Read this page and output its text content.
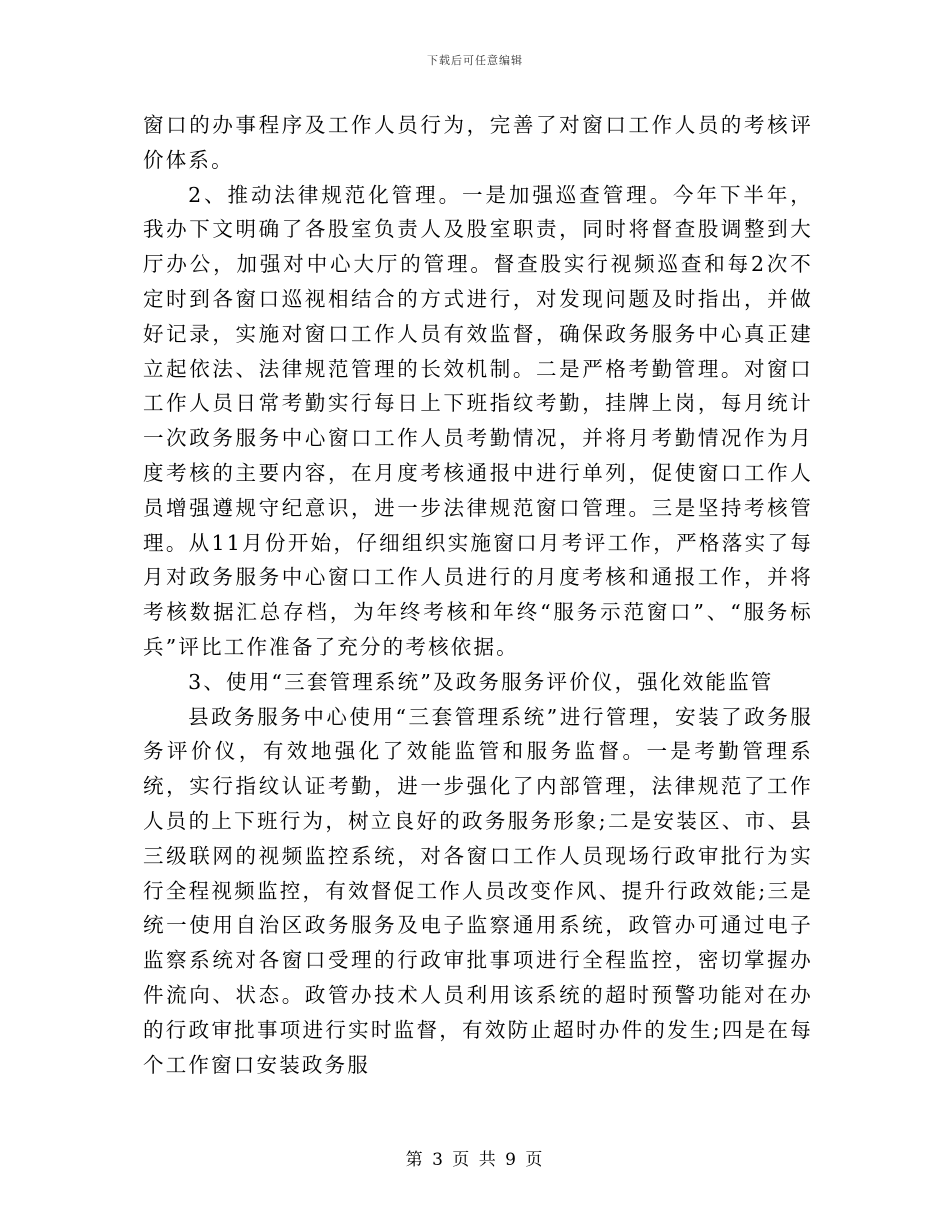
下载后可任意编辑

窗口的办事程序及工作人员行为，完善了对窗口工作人员的考核评价体系。

2、推动法律规范化管理。一是加强巡查管理。今年下半年，我办下文明确了各股室负责人及股室职责，同时将督查股调整到大厅办公，加强对中心大厅的管理。督查股实行视频巡查和每2次不定时到各窗口巡视相结合的方式进行，对发现问题及时指出，并做好记录，实施对窗口工作人员有效监督，确保政务服务中心真正建立起依法、法律规范管理的长效机制。二是严格考勤管理。对窗口工作人员日常考勤实行每日上下班指纹考勤，挂牌上岗，每月统计一次政务服务中心窗口工作人员考勤情况，并将月考勤情况作为月度考核的主要内容，在月度考核通报中进行单列，促使窗口工作人员增强遵规守纪意识，进一步法律规范窗口管理。三是坚持考核管理。从11月份开始，仔细组织实施窗口月考评工作，严格落实了每月对政务服务中心窗口工作人员进行的月度考核和通报工作，并将考核数据汇总存档，为年终考核和年终“服务示范窗口”、“服务标兵”评比工作准备了充分的考核依据。

3、使用“三套管理系统”及政务服务评价仪，强化效能监管

县政务服务中心使用“三套管理系统”进行管理，安装了政务服务评价仪，有效地强化了效能监管和服务监督。一是考勤管理系统，实行指纹认证考勤，进一步强化了内部管理，法律规范了工作人员的上下班行为，树立良好的政务服务形象;二是安装区、市、县三级联网的视频监控系统，对各窗口工作人员现场行政审批行为实行全程视频监控，有效督促工作人员改变作风、提升行政效能;三是统一使用自治区政务服务及电子监察通用系统，政管办可通过电子监察系统对各窗口受理的行政审批事项进行全程监控，密切掌握办件流向、状态。政管办技术人员利用该系统的超时预警功能对在办的行政审批事项进行实时监督，有效防止超时办件的发生;四是在每个工作窗口安装政务服

第 3 页 共 9 页
